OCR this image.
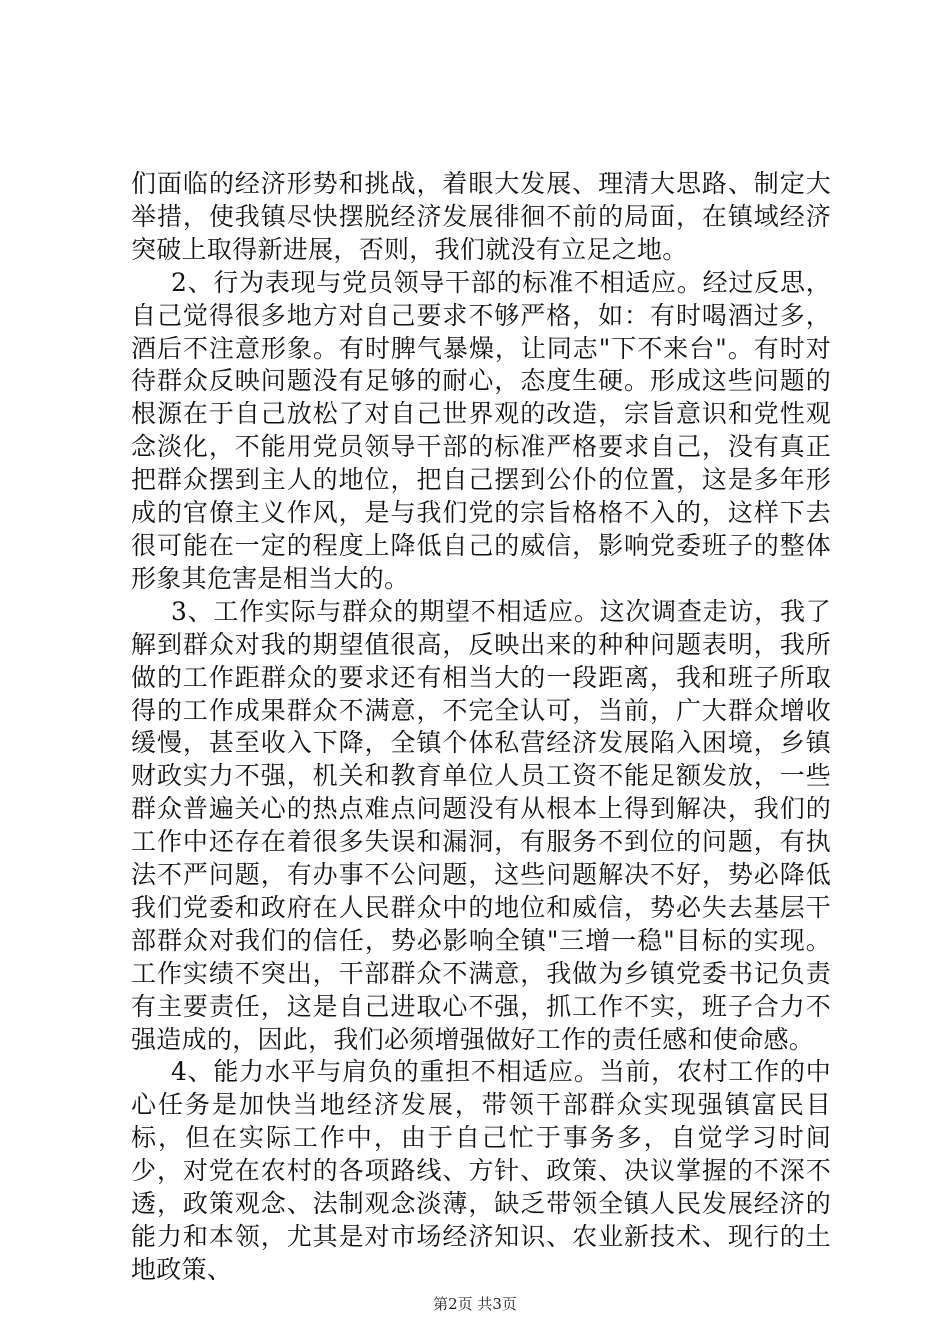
们面临的经济形势和挑战，着眼大发展、理清大思路、制定大举措，使我镇尽快摆脱经济发展徘徊不前的局面，在镇域经济突破上取得新进展，否则，我们就没有立足之地。

2、行为表现与党员领导干部的标准不相适应。经过反思，自己觉得很多地方对自己要求不够严格，如：有时喝酒过多，酒后不注意形象。有时脾气暴燥，让同志"下不来台"。有时对待群众反映问题没有足够的耐心，态度生硬。形成这些问题的根源在于自己放松了对自己世界观的改造，宗旨意识和党性观念淡化，不能用党员领导干部的标准严格要求自己，没有真正把群众摆到主人的地位，把自己摆到公仆的位置，这是多年形成的官僚主义作风，是与我们党的宗旨格格不入的，这样下去很可能在一定的程度上降低自己的威信，影响党委班子的整体形象其危害是相当大的。

3、工作实际与群众的期望不相适应。这次调查走访，我了解到群众对我的期望值很高，反映出来的种种问题表明，我所做的工作距群众的要求还有相当大的一段距离，我和班子所取得的工作成果群众不满意，不完全认可，当前，广大群众增收缓慢，甚至收入下降，全镇个体私营经济发展陷入困境，乡镇财政实力不强，机关和教育单位人员工资不能足额发放，一些群众普遍关心的热点难点问题没有从根本上得到解决，我们的工作中还存在着很多失误和漏洞，有服务不到位的问题，有执法不严问题，有办事不公问题，这些问题解决不好，势必降低我们党委和政府在人民群众中的地位和威信，势必失去基层干部群众对我们的信任，势必影响全镇"三增一稳"目标的实现。工作实绩不突出，干部群众不满意，我做为乡镇党委书记负责有主要责任，这是自己进取心不强，抓工作不实，班子合力不强造成的，因此，我们必须增强做好工作的责任感和使命感。

4、能力水平与肩负的重担不相适应。当前，农村工作的中心任务是加快当地经济发展，带领干部群众实现强镇富民目标，但在实际工作中，由于自己忙于事务多，自觉学习时间少，对党在农村的各项路线、方针、政策、决议掌握的不深不透，政策观念、法制观念淡薄，缺乏带领全镇人民发展经济的能力和本领，尤其是对市场经济知识、农业新技术、现行的土地政策、

第2页 共3页
